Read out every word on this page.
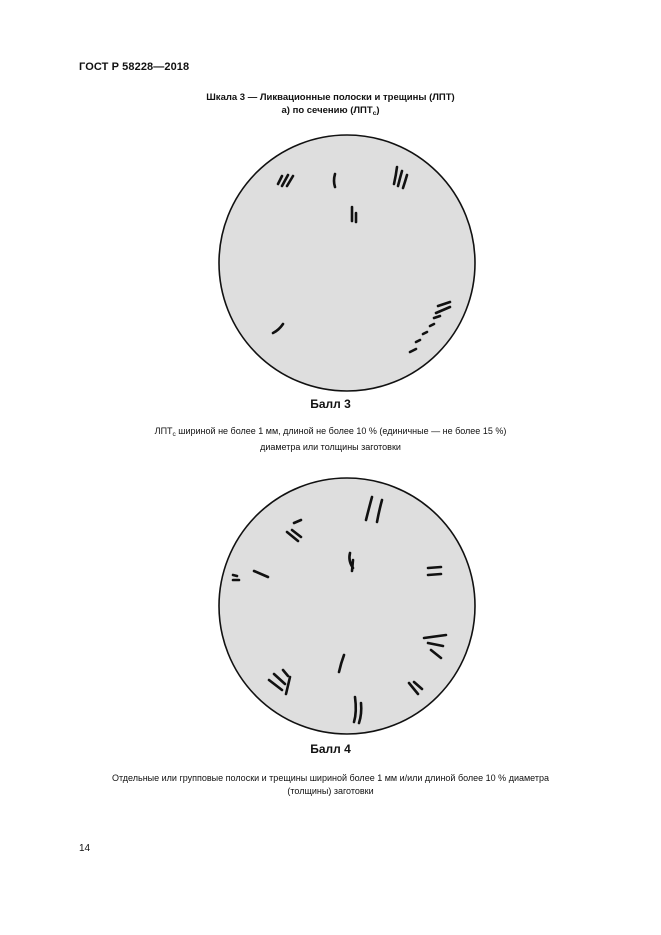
ГОСТ Р 58228—2018
Шкала 3 — Ликвационные полоски и трещины (ЛПТ)
а) по сечению $(ЛПТ_с)$
Балл 3
$ЛПТ_с$ шириной не более 1 мм, длиной не более 10 % (единичные — не более 15 %)
диаметра или толщины заготовки
Балл 4
Отдельные или групповые полоски и трещины шириной более 1 мм и/или длиной более 10 % диаметра
(толщины) заготовки
14
